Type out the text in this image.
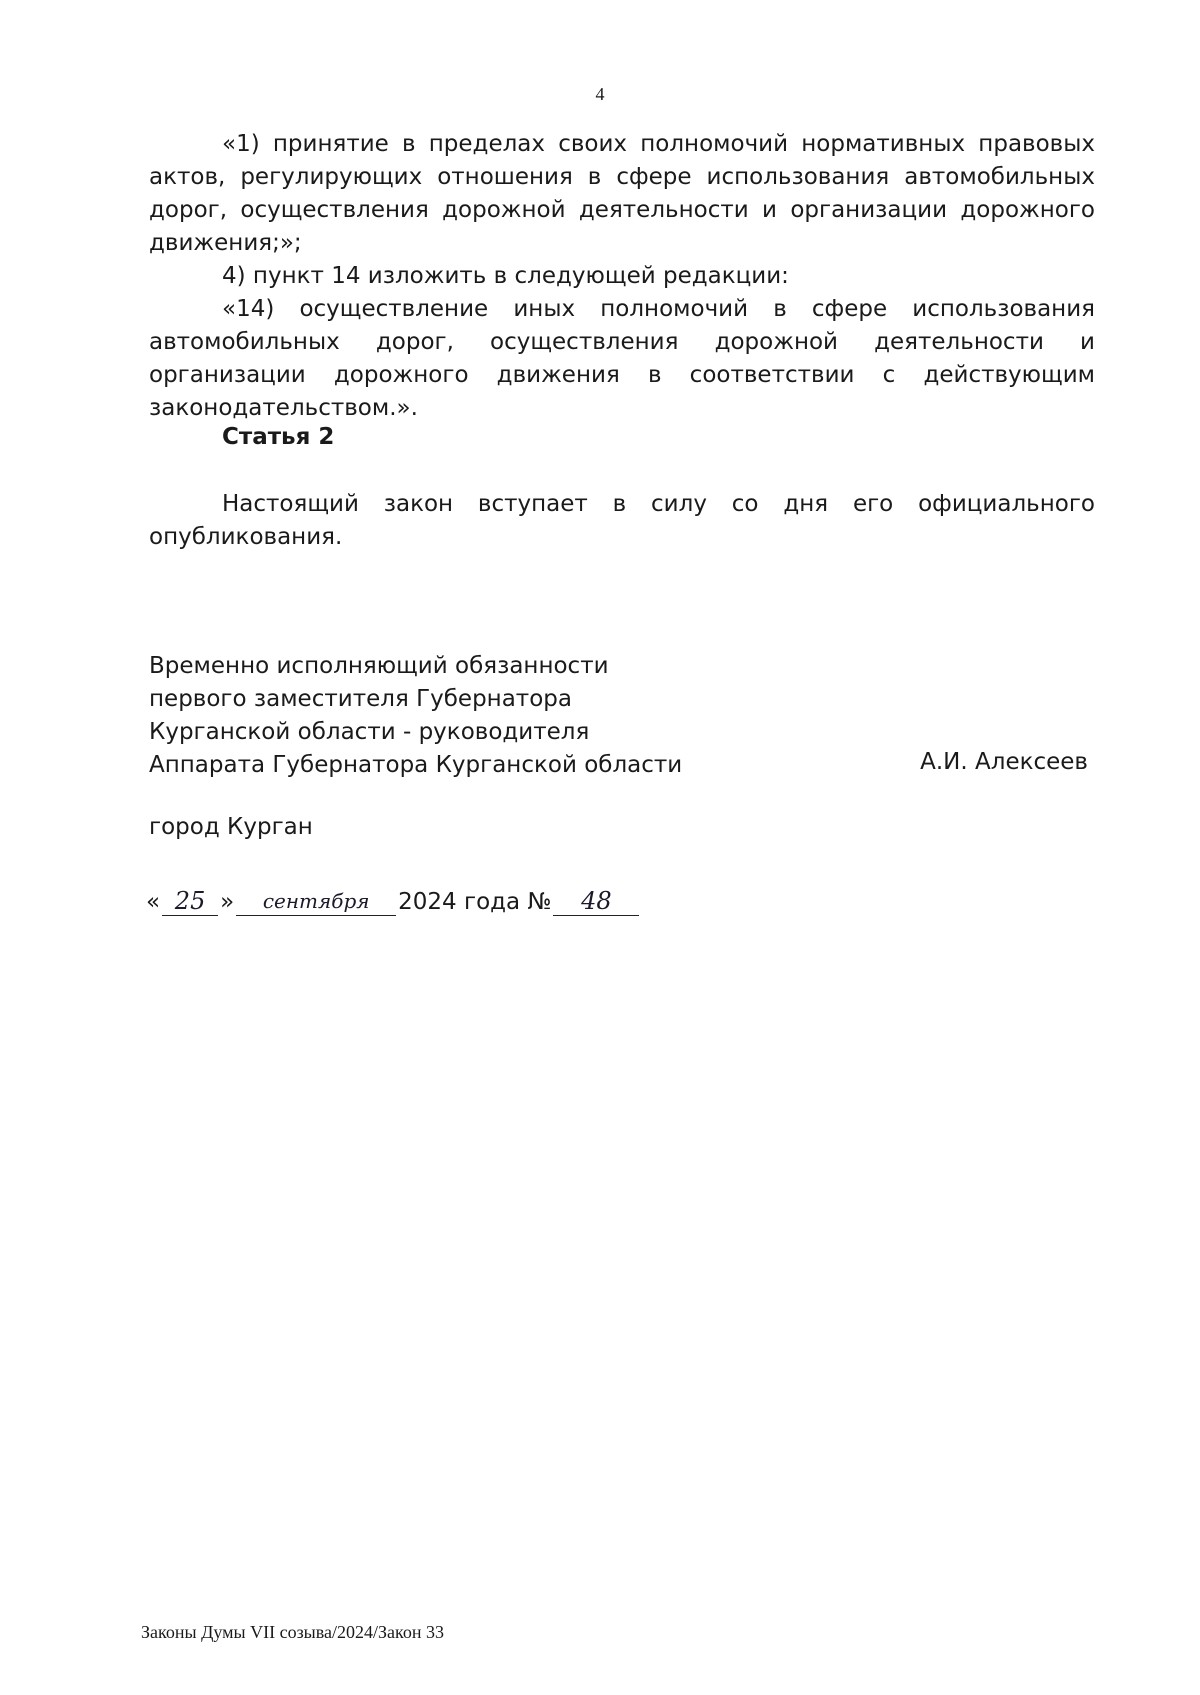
4

«1) принятие в пределах своих полномочий нормативных правовых актов, регулирующих отношения в сфере использования автомобильных дорог, осуществления дорожной деятельности и организации дорожного движения;»;

4) пункт 14 изложить в следующей редакции:

«14) осуществление иных полномочий в сфере использования автомобильных дорог, осуществления дорожной деятельности и организации дорожного движения в соответствии с действующим законодательством.».

Статья 2

Настоящий закон вступает в силу со дня его официального опубликования.

Временно исполняющий обязанности
первого заместителя Губернатора
Курганской области - руководителя
Аппарата Губернатора Курганской области	А.И. Алексеев
город Курган
« 25 »	сентября	2024 года №	48
Законы Думы VII созыва/2024/Закон 33
